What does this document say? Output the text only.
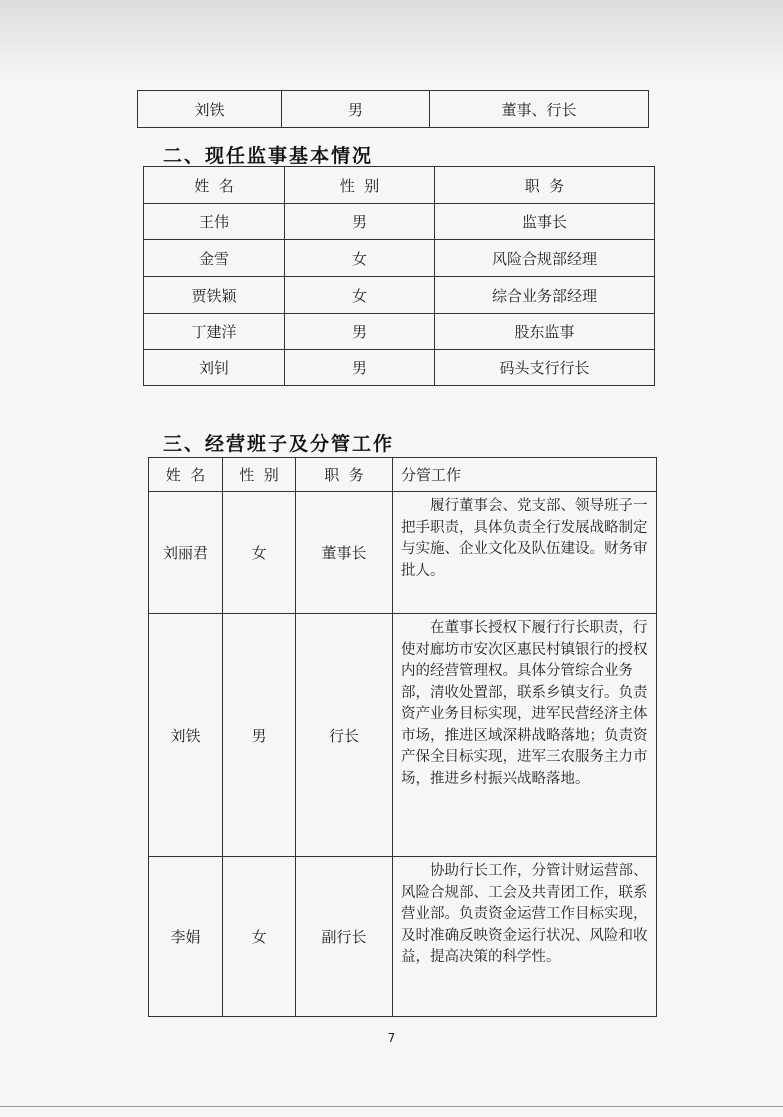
刘铁	男	董事、行长
二、现任监事基本情况
姓  名	性  别	职  务
王伟	男	监事长
金雪	女	风险合规部经理
贾铁颖	女	综合业务部经理
丁建洋	男	股东监事
刘钊	男	码头支行行长
三、经营班子及分管工作
姓  名	性  别	职  务	分管工作
刘丽君	女	董事长	履行董事会、党支部、领导班子一把手职责，具体负责全行发展战略制定与实施、企业文化及队伍建设。财务审批人。
刘铁	男	行长	在董事长授权下履行行长职责，行使对廊坊市安次区惠民村镇银行的授权内的经营管理权。具体分管综合业务部，清收处置部，联系乡镇支行。负责资产业务目标实现，进军民营经济主体市场，推进区域深耕战略落地；负责资产保全目标实现，进军三农服务主力市场，推进乡村振兴战略落地。
李娟	女	副行长	协助行长工作，分管计财运营部、风险合规部、工会及共青团工作，联系营业部。负责资金运营工作目标实现，及时准确反映资金运行状况、风险和收益，提高决策的科学性。
7
